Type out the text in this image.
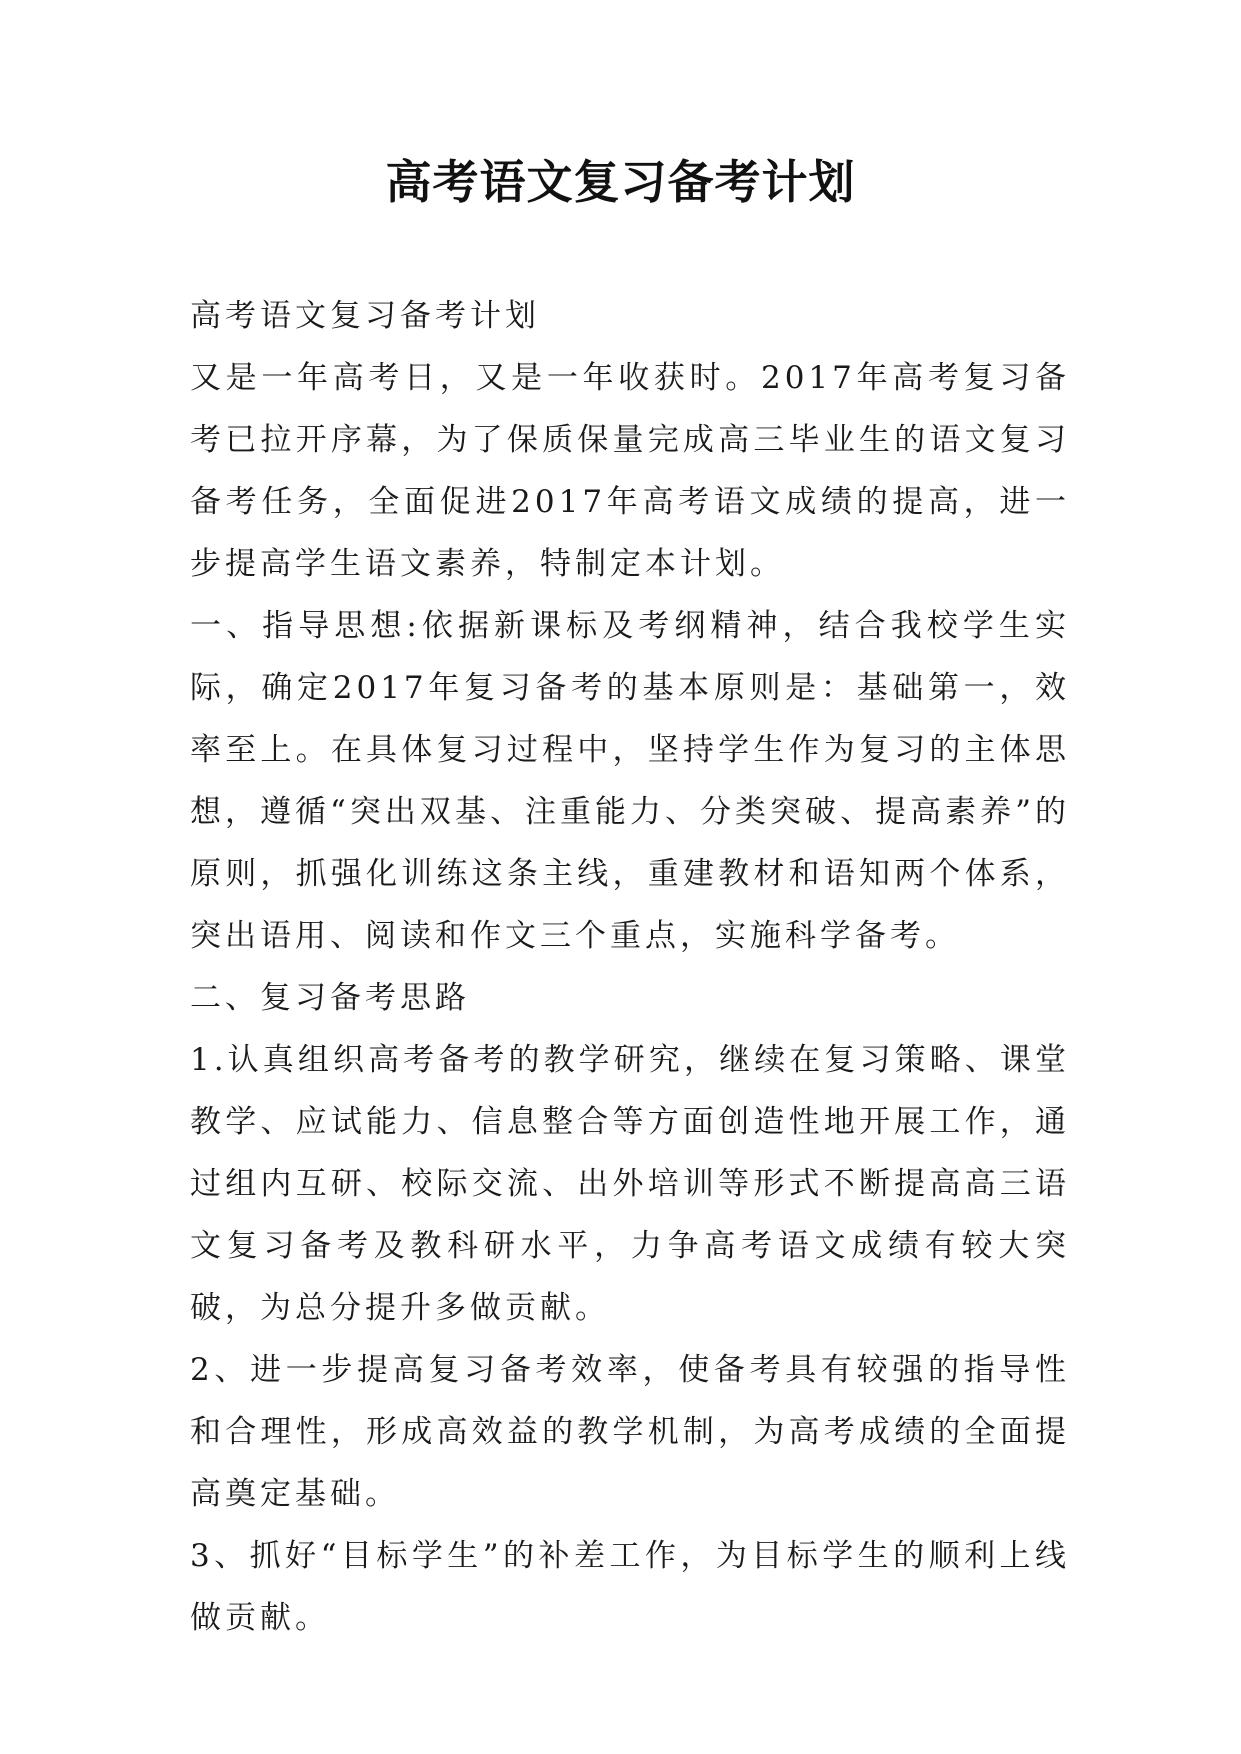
高考语文复习备考计划

高考语文复习备考计划

又是一年高考日，又是一年收获时。2017年高考复习备考已拉开序幕，为了保质保量完成高三毕业生的语文复习备考任务，全面促进2017年高考语文成绩的提高，进一步提高学生语文素养，特制定本计划。

一、指导思想:依据新课标及考纲精神，结合我校学生实际，确定2017年复习备考的基本原则是：基础第一，效率至上。在具体复习过程中，坚持学生作为复习的主体思想，遵循“突出双基、注重能力、分类突破、提高素养”的原则，抓强化训练这条主线，重建教材和语知两个体系，突出语用、阅读和作文三个重点，实施科学备考。

二、复习备考思路

1.认真组织高考备考的教学研究，继续在复习策略、课堂教学、应试能力、信息整合等方面创造性地开展工作，通过组内互研、校际交流、出外培训等形式不断提高高三语文复习备考及教科研水平，力争高考语文成绩有较大突破，为总分提升多做贡献。

2、进一步提高复习备考效率，使备考具有较强的指导性和合理性，形成高效益的教学机制，为高考成绩的全面提高奠定基础。

3、抓好“目标学生”的补差工作，为目标学生的顺利上线做贡献。
